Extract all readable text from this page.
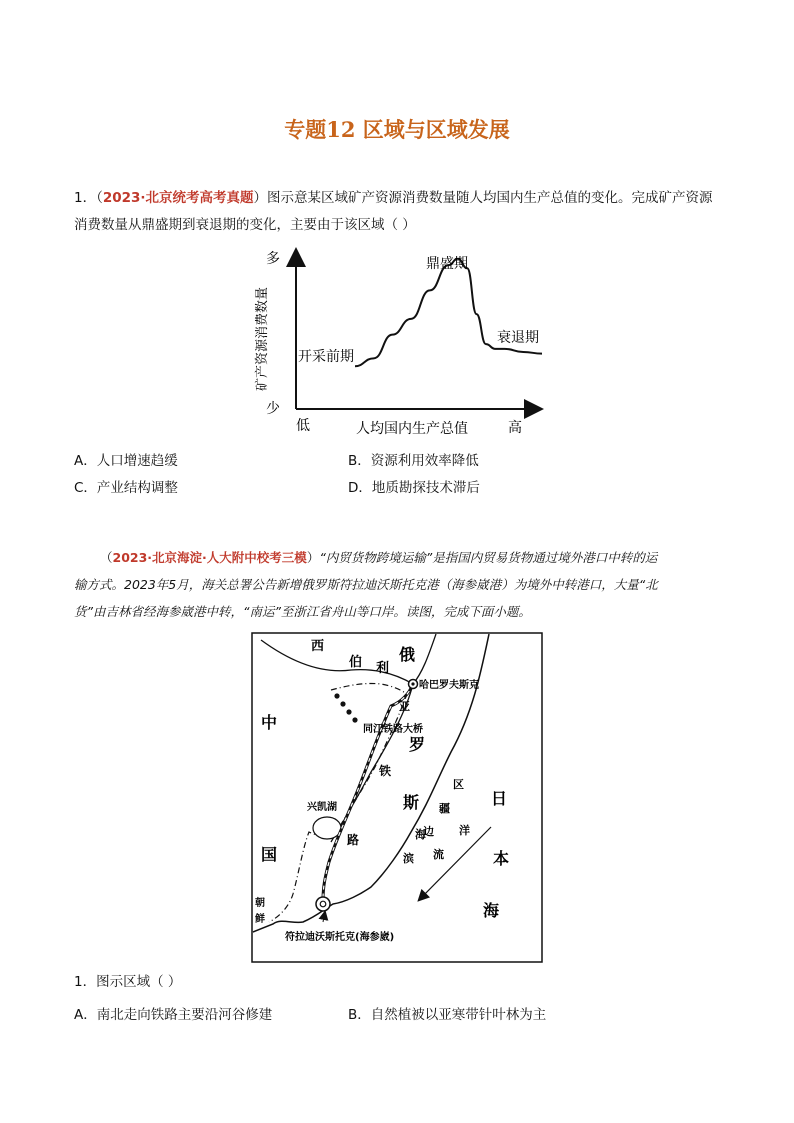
专题12 区域与区域发展
1．（2023·北京统考高考真题）图示意某区域矿产资源消费数量随人均国内生产总值的变化。完成矿产资源
消费数量从鼎盛期到衰退期的变化，主要由于该区域（ ）
多
少
低	高
人均国内生产总值
矿产资源消费数量 开采前期
鼎盛期
衰退期
A．人口增速趋缓	B．资源利用效率降低
C．产业结构调整	D．地质勘探技术滞后
（2023·北京海淀·人大附中校考三模）“内贸货物跨境运输”是指国内贸易货物通过境外港口中转的运
输方式。2023年5月，海关总署公告新增俄罗斯符拉迪沃斯托克港（海参崴港）为境外中转港口，大量“北
货”由吉林省经海参崴港中转，“南运”至浙江省舟山等口岸。读图，完成下面小题。
西
伯 利
俄
亚
哈巴罗夫斯克
同江铁路大桥
中
国
罗
铁
斯
路
区
疆
边
海
滨 流
洋
日
本
海
兴凯湖
朝
鲜
符拉迪沃斯托克(海参崴)
1．图示区域（ ）
A．南北走向铁路主要沿河谷修建	B．自然植被以亚寒带针叶林为主
